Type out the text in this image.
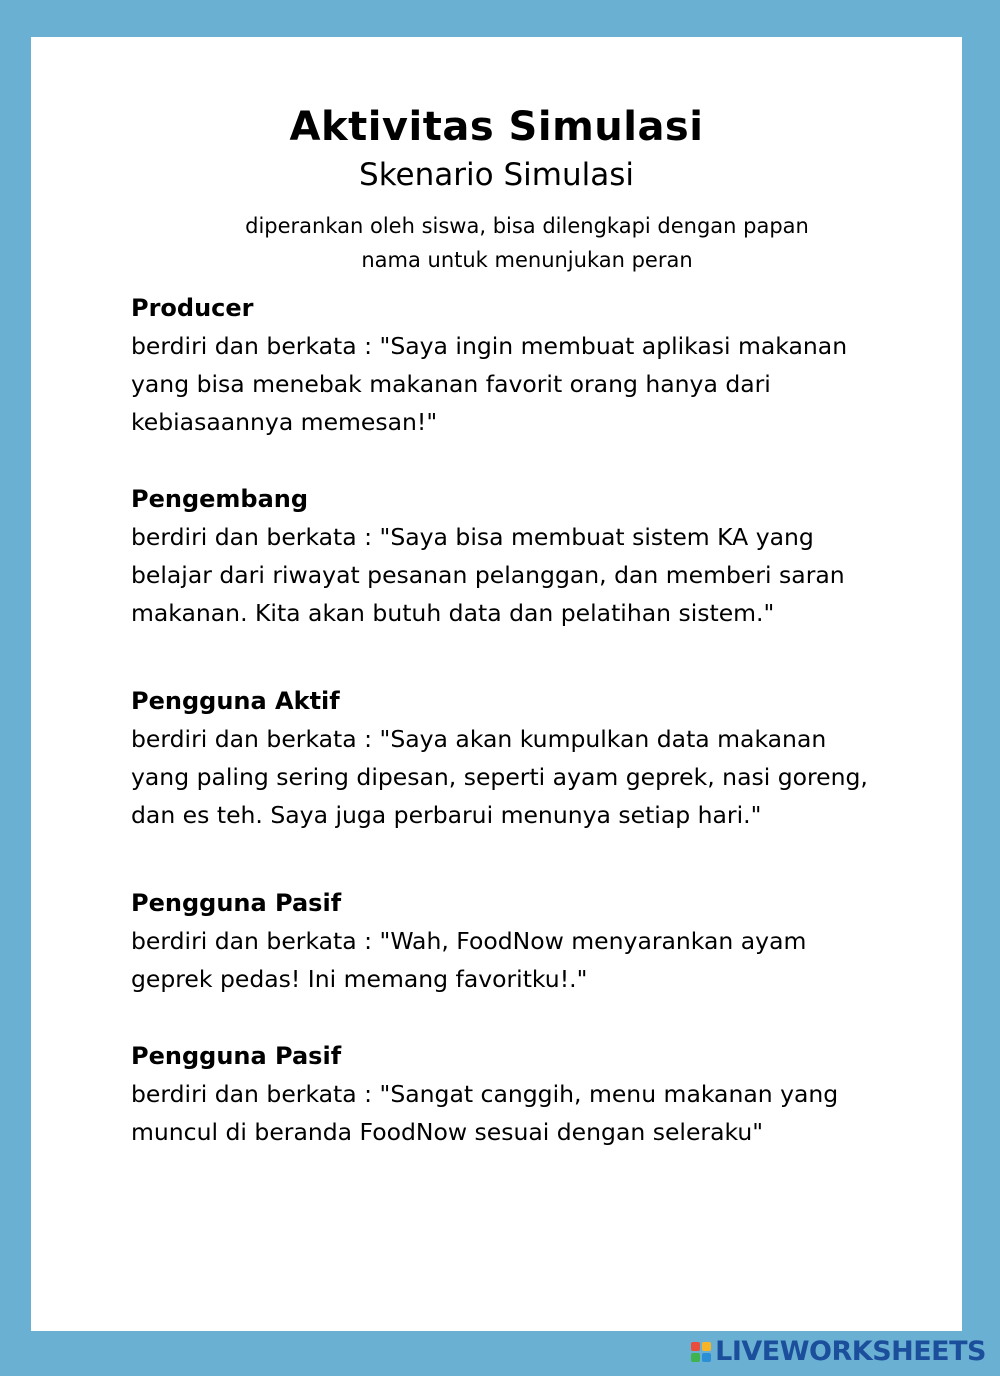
Aktivitas Simulasi
Skenario Simulasi
diperankan oleh siswa, bisa dilengkapi dengan papan
nama untuk menunjukan peran
Producer
berdiri dan berkata : "Saya ingin membuat aplikasi makanan
yang bisa menebak makanan favorit orang hanya dari
kebiasaannya memesan!"
Pengembang
berdiri dan berkata : "Saya bisa membuat sistem KA yang
belajar dari riwayat pesanan pelanggan, dan memberi saran
makanan. Kita akan butuh data dan pelatihan sistem."
Pengguna Aktif
berdiri dan berkata : "Saya akan kumpulkan data makanan
yang paling sering dipesan, seperti ayam geprek, nasi goreng,
dan es teh. Saya juga perbarui menunya setiap hari."
Pengguna Pasif
berdiri dan berkata : "Wah, FoodNow menyarankan ayam
geprek pedas! Ini memang favoritku!."
Pengguna Pasif
berdiri dan berkata : "Sangat canggih, menu makanan yang
muncul di beranda FoodNow sesuai dengan seleraku"
LIVEWORKSHEETS
